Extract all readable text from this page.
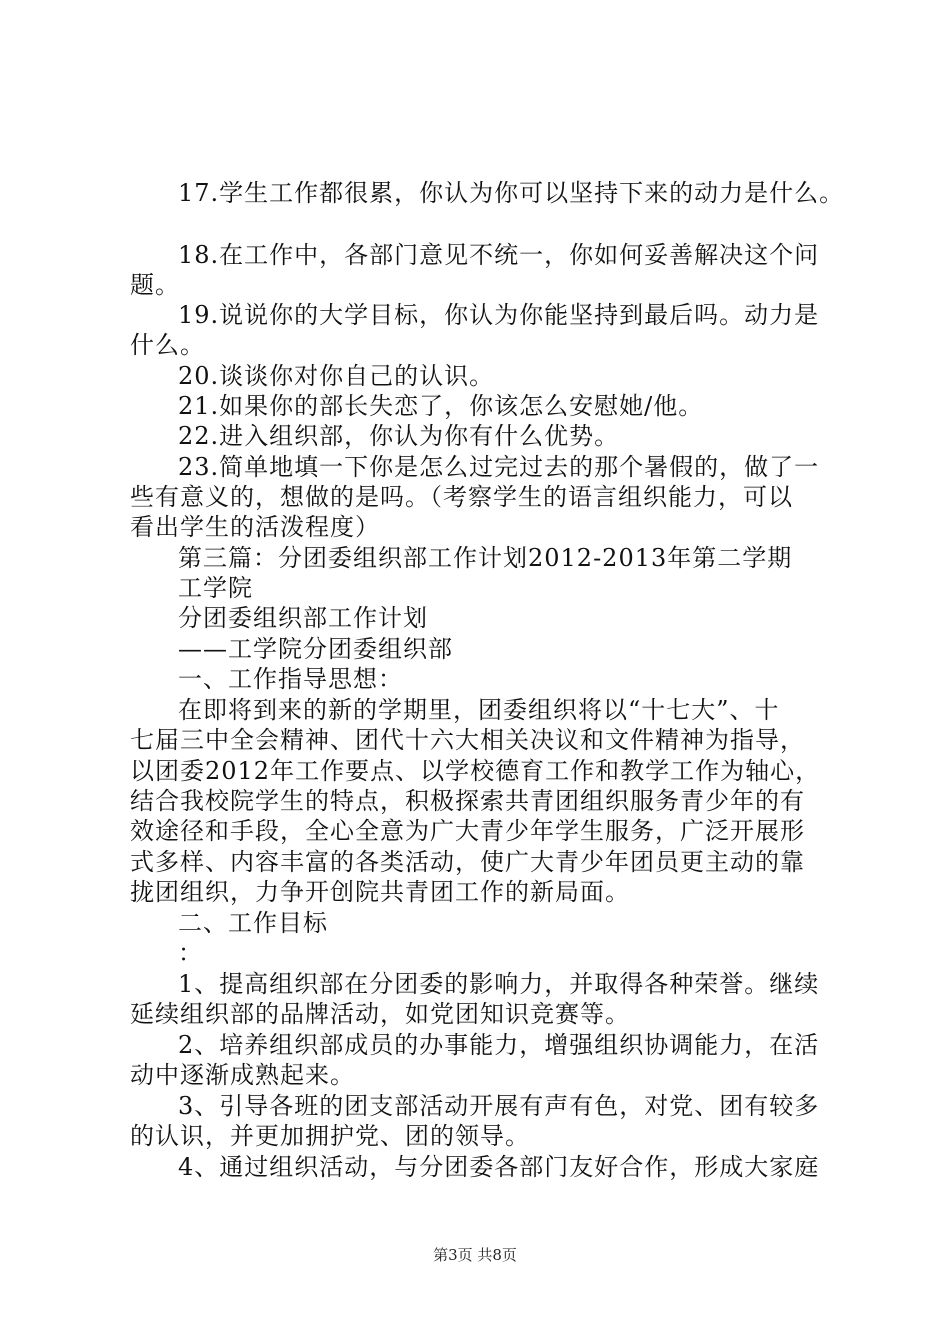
17.学生工作都很累，你认为你可以坚持下来的动力是什么。
18.在工作中，各部门意见不统一，你如何妥善解决这个问
题。
19.说说你的大学目标，你认为你能坚持到最后吗。动力是
什么。
20.谈谈你对你自己的认识。
21.如果你的部长失恋了，你该怎么安慰她/他。
22.进入组织部，你认为你有什么优势。
23.简单地填一下你是怎么过完过去的那个暑假的，做了一
些有意义的，想做的是吗。（考察学生的语言组织能力，可以
看出学生的活泼程度）
第三篇：分团委组织部工作计划2012-2013年第二学期
工学院
分团委组织部工作计划
——工学院分团委组织部
一、工作指导思想：
在即将到来的新的学期里，团委组织将以“十七大”、十
七届三中全会精神、团代十六大相关决议和文件精神为指导，
以团委2012年工作要点、以学校德育工作和教学工作为轴心，
结合我校院学生的特点，积极探索共青团组织服务青少年的有
效途径和手段，全心全意为广大青少年学生服务，广泛开展形
式多样、内容丰富的各类活动，使广大青少年团员更主动的靠
拢团组织，力争开创院共青团工作的新局面。
二、工作目标
：
1、提高组织部在分团委的影响力，并取得各种荣誉。继续
延续组织部的品牌活动，如党团知识竞赛等。
2、培养组织部成员的办事能力，增强组织协调能力，在活
动中逐渐成熟起来。
3、引导各班的团支部活动开展有声有色，对党、团有较多
的认识，并更加拥护党、团的领导。
4、通过组织活动，与分团委各部门友好合作，形成大家庭
第3页 共8页
